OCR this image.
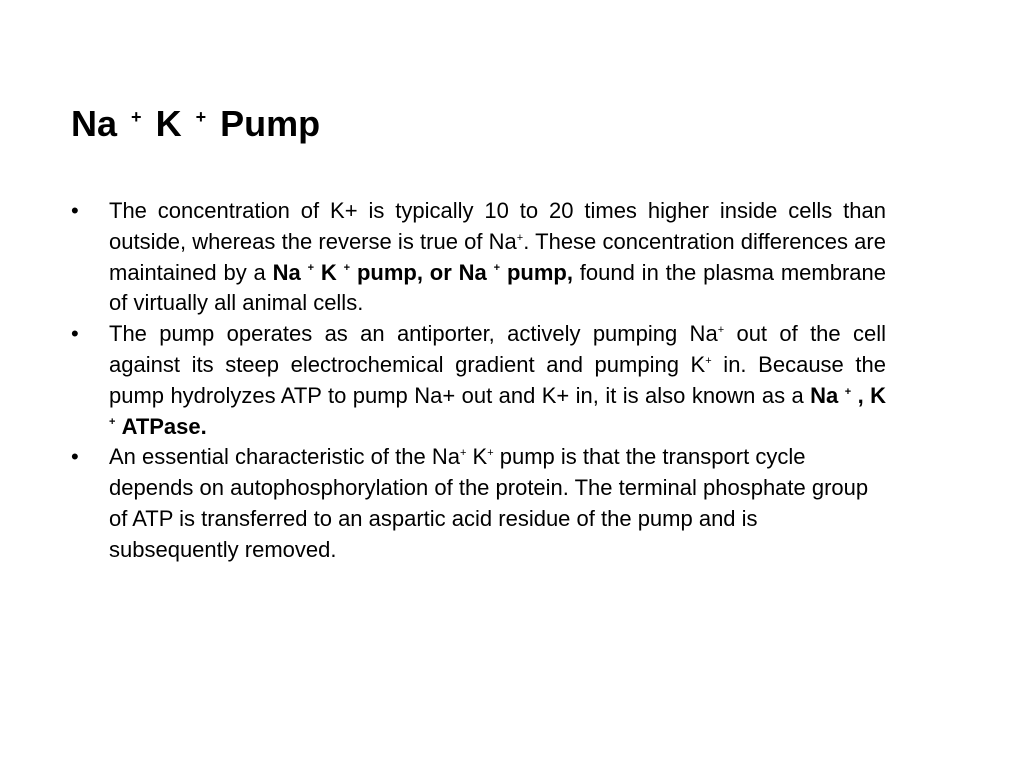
Na + K + Pump
•	The concentration of K+ is typically 10 to 20 times higher inside cells than outside, whereas the reverse is true of Na+. These concentration differences are maintained by a Na + K + pump, or Na + pump, found in the plasma membrane of virtually all animal cells.
•	The pump operates as an antiporter, actively pumping Na+ out of the cell against its steep electrochemical gradient and pumping K+ in. Because the pump hydrolyzes ATP to pump Na+ out and K+ in, it is also known as a Na + , K + ATPase.
•	An essential characteristic of the Na+ K+ pump is that the transport cycle depends on autophosphorylation of the protein. The terminal phosphate group of ATP is transferred to an aspartic acid residue of the pump and is subsequently removed.
